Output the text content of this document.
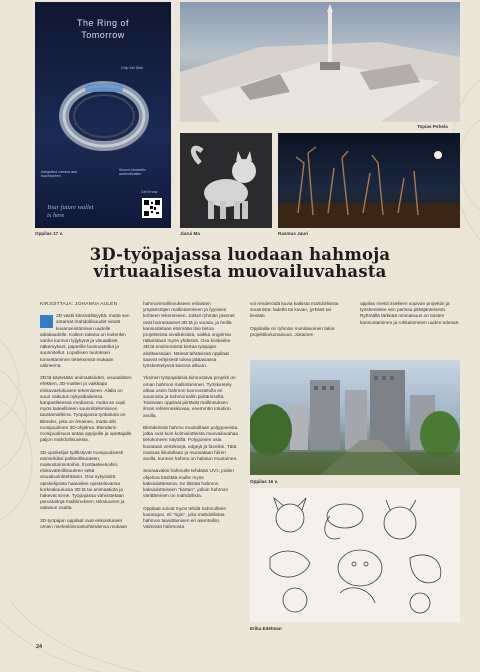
The Ring of
Tomorrow
Chip Set Disk
Integrated camera and
touchscreen
Secure biometric
authentication
Get it now
Your future wallet
is here
Oppilas 17 v.
Topias Pohela
Jiarui Ma	Rasmus Jauri
3D-työpajassa luodaan hahmoja
virtuaalisesta muovailuvahasta
KIRJOITTAJA: JOHANNA AULÉN

3D vastii kärsivällisyyttä, mutta sen antamat mahdollisuudet vievät kuvanveistämisen uudelle aikakaudelle. Kaiken takana on kuitenkin vanha kunnon lyijykynä ja visuaaliset näkemykset, paperille luonnostellut ja suunnitellut. Lopullisen tuotoksen tunnettaminen tieteksessä mukaan välineenä.

3D:tä käytetään animaatioiden, visuaalisten efektien, 3D-mallien ja vaikkapa elokuvaelokuvien tekemiseen. Alalla on suuri vaikutus nykyaikaisessa kanpaeliteessä mediassa, mutta se sopii myös taiteelliseen suunnittelemiseen taustamalleina. Työpajassa työkaluna on Blender, joka on ilmainen, mutta silti monipuolinen 3D-ohjelma. Blenderin monipuolisuus antaa oppijoille ja opettajalle paljon mahdollisuuksia.

3D-opiskelijat työllistyvät monipuolisesti esimerkiksi peliteollisuuteen, mainostoimintoihin, fronttaeteetioihin, elokuvateollisuuteen sekä visualisointitehtäviin. Osa nykyisistä opiskelijoista haaveilee opiskelevansa korkeakoulussa 3D:tä tai animaatiota ja hakevat sinne. Työpajassa vahvistetaan perustaitoja mallinnuksen, tekstuurien ja valaisun osalta.

3D-työpajan oppilaat ovat erikoistuneet omien mielenkiinnonkohteidensa mukaan

hahmonmallinnukseen erilaisten ympäristöjen mallintamiseen ja fyysisen kohteen tekemiseen. Jotkut ryhmän jäsenet ovat harrastaneet 3D:tä jo vuosia, ja heillä kannustetaan etsimään itse tietoa projekteista oivalluksista, vaikka ongelmia ratkaistaan myös yhdessä. Osa koskeilee 3D:tä ensimmäistä kertaa työpajan aloittaessaan. Näissä tehtävissä oppilaat saavat erityisesti tukea pääasiassa työskentelyssä kanssa alkuun.

Yksinen työpajalaisia kiinnostava projekti on oman hahmon mallintaminen. Työskentely alkaa usein hahmon luonnostelulla eri suunnista ja hahmomallin piirtämisellä. Toisinaan oppilaat piirtävät mallinnuksen ilman referenssikuvaa, enemmän intuition avulla.

Blenderissä hahmo muotoillaan polygoneista, jotka ovat kuin kolmiulotteista muovailuvahaa tietokoneen näytöllä. Polygonien osia kuvataan verteksejä, edgejä ja faceiksi. Tätä massaa liikutellaan ja muovataan hiiren avulla, kunnes hahmo on halutun muotoinen.

Seuraavaksi hahmolle tehdään UV:t, joiden ohjelma käsittää muille myös kaksiulotteisena. Se litistää hahmon kaksiulotteiseen "kartan", jolloin hahmon värittäminen on mahdollista.

Oppilaat voivat myös tehdä hahmolleen luurangon, eli "rigin", joka mahdollistaa hahmon taivuttamisen eri asentoihin. Valmiista hahmosta

voi renderöidä kuvia kaikista mahdollisista suunnista: ladella tai kuvan, jyrkästi tai lievästi.

Oppilailla on ryhmän monitasoinen takia projektikokonaisuus. Jokainen

oppilas miettii itselleen sopivan projektin ja työskentelee sen parissa pitkäjänteisesti. Ryhmällä tärkeää ominaisuus on toisten kannustaminen ja rohkaisminen uuden edessä.

Oppilas 16 v.
Erika Edelman
24
